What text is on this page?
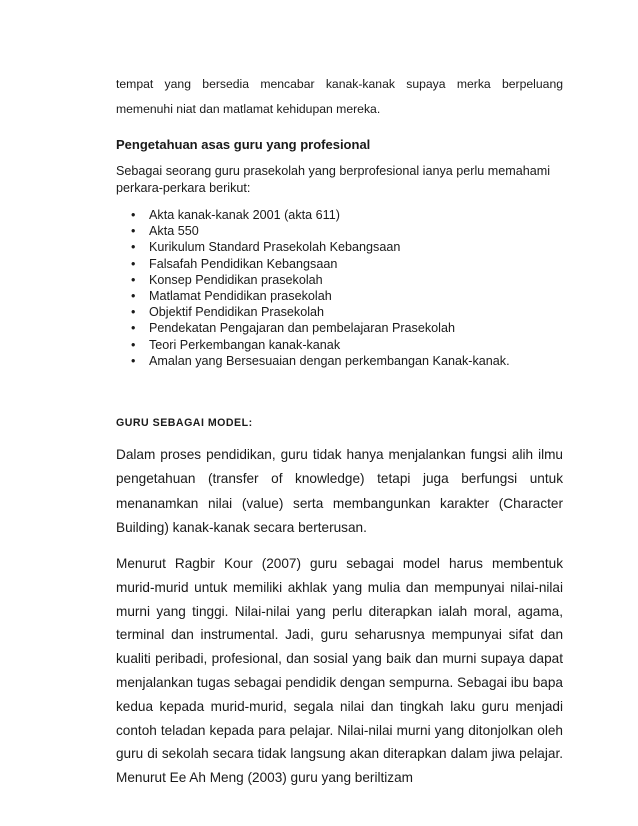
tempat yang bersedia mencabar kanak-kanak supaya merka berpeluang memenuhi niat dan matlamat kehidupan mereka.

Pengetahuan asas guru yang profesional

Sebagai seorang guru prasekolah yang berprofesional ianya perlu memahami perkara-perkara berikut:

• Akta kanak-kanak 2001 (akta 611)
• Akta 550
• Kurikulum Standard Prasekolah Kebangsaan
• Falsafah Pendidikan Kebangsaan
• Konsep Pendidikan prasekolah
• Matlamat Pendidikan prasekolah
• Objektif Pendidikan Prasekolah
• Pendekatan Pengajaran dan pembelajaran Prasekolah
• Teori Perkembangan kanak-kanak
• Amalan yang Bersesuaian dengan perkembangan Kanak-kanak.
GURU SEBAGAI MODEL:

Dalam proses pendidikan, guru tidak hanya menjalankan fungsi alih ilmu pengetahuan (transfer of knowledge) tetapi juga berfungsi untuk menanamkan nilai (value) serta membangunkan karakter (Character Building) kanak-kanak secara berterusan.

Menurut Ragbir Kour (2007) guru sebagai model harus membentuk murid-murid untuk memiliki akhlak yang mulia dan mempunyai nilai-nilai murni yang tinggi. Nilai-nilai yang perlu diterapkan ialah moral, agama, terminal dan instrumental. Jadi, guru seharusnya mempunyai sifat dan kualiti peribadi, profesional, dan sosial yang baik dan murni supaya dapat menjalankan tugas sebagai pendidik dengan sempurna. Sebagai ibu bapa kedua kepada murid-murid, segala nilai dan tingkah laku guru menjadi contoh teladan kepada para pelajar. Nilai-nilai murni yang ditonjolkan oleh guru di sekolah secara tidak langsung akan diterapkan dalam jiwa pelajar. Menurut Ee Ah Meng (2003) guru yang beriltizam
